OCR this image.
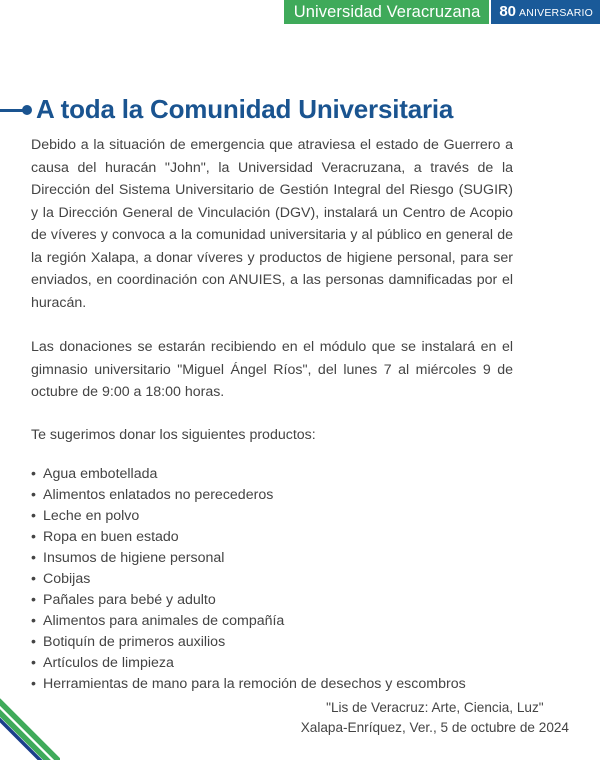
Universidad Veracruzana 80 ANIVERSARIO
A toda la Comunidad Universitaria

Debido a la situación de emergencia que atraviesa el estado de Guerrero a causa del huracán "John", la Universidad Veracruzana, a través de la Dirección del Sistema Universitario de Gestión Integral del Riesgo (SUGIR) y la Dirección General de Vinculación (DGV), instalará un Centro de Acopio de víveres y convoca a la comunidad universitaria y al público en general de la región Xalapa, a donar víveres y productos de higiene personal, para ser enviados, en coordinación con ANUIES, a las personas damnificadas por el huracán.

Las donaciones se estarán recibiendo en el módulo que se instalará en el gimnasio universitario "Miguel Ángel Ríos", del lunes 7 al miércoles 9 de octubre de 9:00 a 18:00 horas.

Te sugerimos donar los siguientes productos:

• Agua embotellada
• Alimentos enlatados no perecederos
• Leche en polvo
• Ropa en buen estado
• Insumos de higiene personal
• Cobijas
• Pañales para bebé y adulto
• Alimentos para animales de compañía
• Botiquín de primeros auxilios
• Artículos de limpieza
• Herramientas de mano para la remoción de desechos y escombros
"Lis de Veracruz: Arte, Ciencia, Luz"
Xalapa-Enríquez, Ver., 5 de octubre de 2024
